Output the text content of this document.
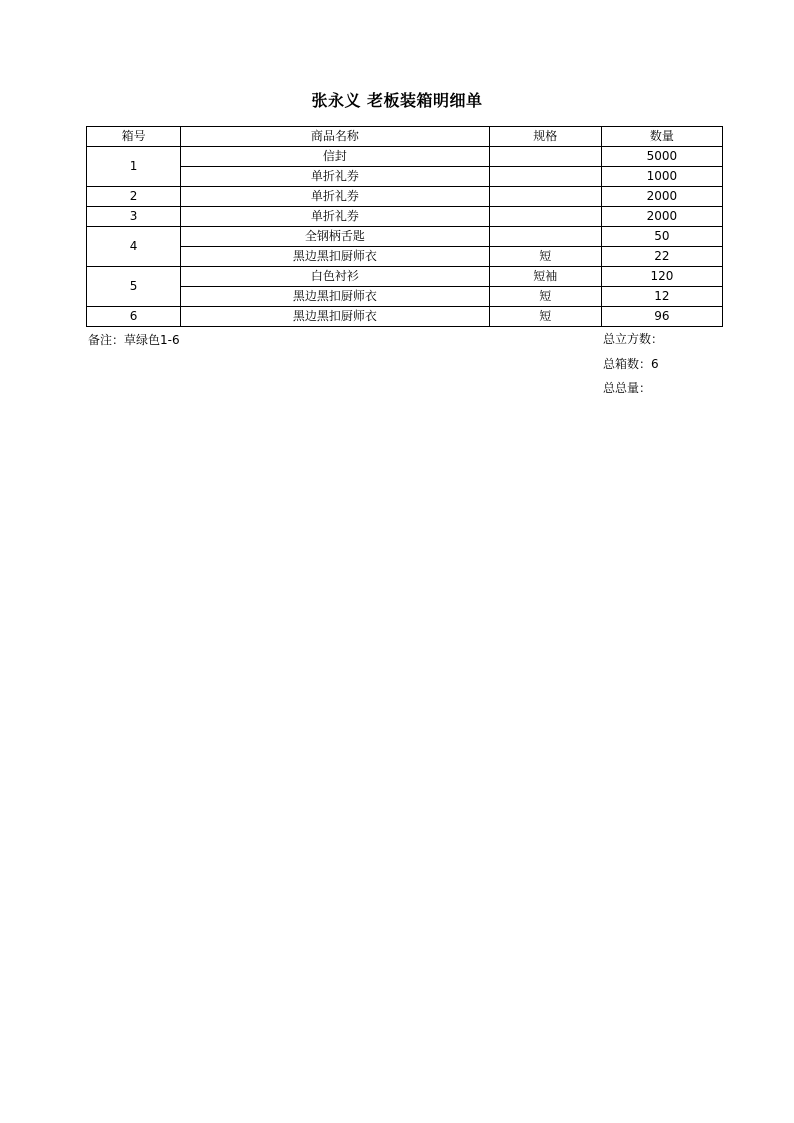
张永义 老板装箱明细单
箱号	商品名称	规格	数量
1	信封		5000
	单折礼券		1000
2	单折礼券		2000
3	单折礼券		2000
4	全钢柄舌匙		50
	黑边黑扣厨师衣	短	22
5	白色衬衫	短袖	120
	黑边黑扣厨师衣	短	12
6	黑边黑扣厨师衣	短	96
备注：草绿色1-6	总立方数：
总箱数：6
总总量：
